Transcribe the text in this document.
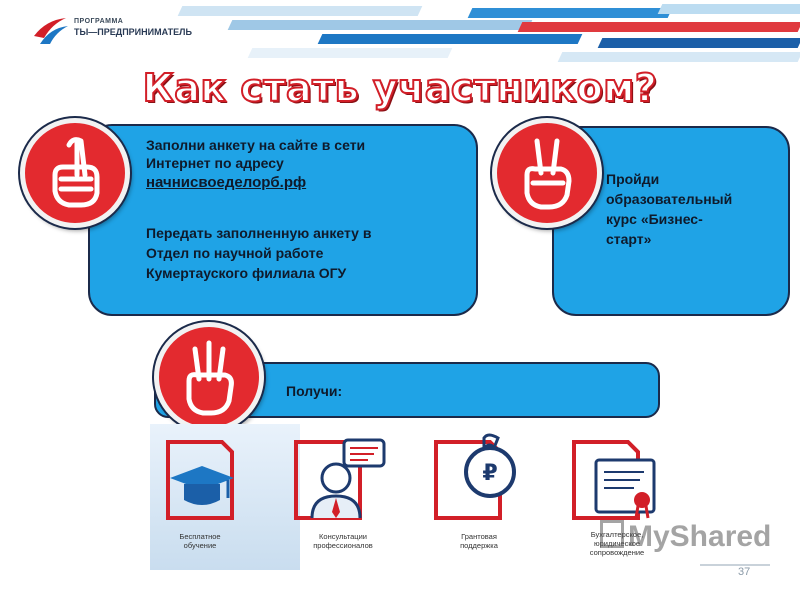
ПРОГРАММА
ТЫ—ПРЕДПРИНИМАТЕЛЬ
Как стать участником?
Заполни анкету на сайте в сети
Интернет по адресу
начнисвоеделорб.рф
Передать заполненную анкету в
Отдел по научной работе
Кумертауского филиала ОГУ
Пройди
образовательный
курс «Бизнес-
старт»
Получи:
Бесплатное
обучение
Консультации
профессионалов
₽
Грантовая
поддержка
Бухгалтерское,
юридическое
сопровождение
MyShared
37
